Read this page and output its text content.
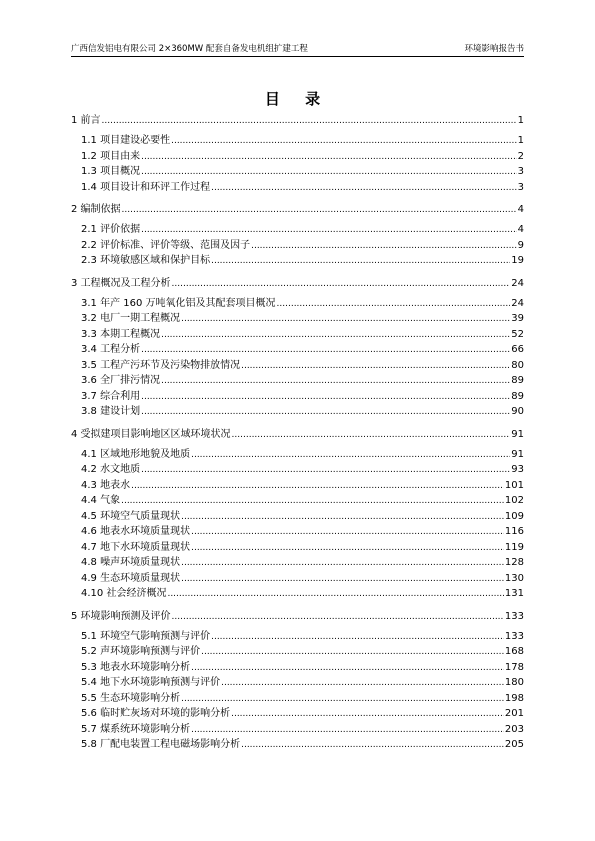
广西信发铝电有限公司 2×360MW 配套自备发电机组扩建工程	环境影响报告书
目 录
1 前言 .....	1
1.1 项目建设必要性 .....	1
1.2 项目由来 .....	2
1.3 项目概况 .....	3
1.4 项目设计和环评工作过程 .....	3
2 编制依据 .....	4
2.1 评价依据 .....	4
2.2 评价标准、评价等级、范围及因子 .....	9
2.3 环境敏感区域和保护目标 .....	19
3 工程概况及工程分析 .....	24
3.1 年产 160 万吨氧化铝及其配套项目概况 .....	24
3.2 电厂一期工程概况 .....	39
3.3 本期工程概况 .....	52
3.4 工程分析 .....	66
3.5 工程产污环节及污染物排放情况 .....	80
3.6 全厂排污情况 .....	89
3.7 综合利用 .....	89
3.8 建设计划 .....	90
4 受拟建项目影响地区区域环境状况 .....	91
4.1 区域地形地貌及地质 .....	91
4.2 水文地质 .....	93
4.3 地表水 .....	101
4.4 气象 .....	102
4.5 环境空气质量现状 .....	109
4.6 地表水环境质量现状 .....	116
4.7 地下水环境质量现状 .....	119
4.8 噪声环境质量现状 .....	128
4.9 生态环境质量现状 .....	130
4.10 社会经济概况 .....	131
5 环境影响预测及评价 .....	133
5.1 环境空气影响预测与评价 .....	133
5.2 声环境影响预测与评价 .....	168
5.3 地表水环境影响分析 .....	178
5.4 地下水环境影响预测与评价 .....	180
5.5 生态环境影响分析 .....	198
5.6 临时贮灰场对环境的影响分析 .....	201
5.7 煤系统环境影响分析 .....	203
5.8 厂配电装置工程电磁场影响分析 .....	205
